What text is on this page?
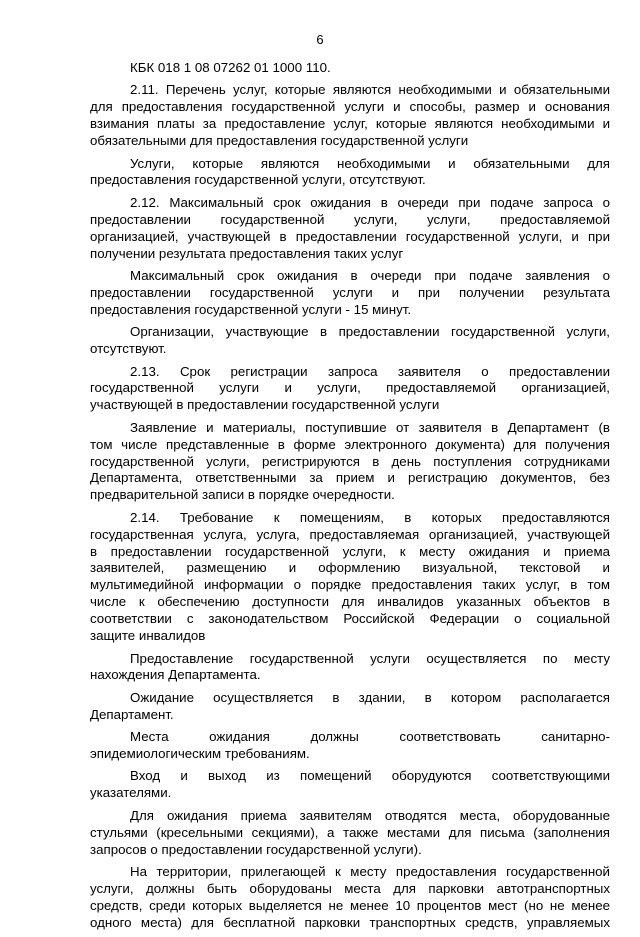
6
КБК 018 1 08 07262 01 1000 110.
2.11. Перечень услуг, которые являются необходимыми и обязательными
для предоставления государственной услуги и способы, размер и основания
взимания платы за предоставление услуг, которые являются необходимыми и
обязательными для предоставления государственной услуги
Услуги, которые являются необходимыми и обязательными для
предоставления государственной услуги, отсутствуют.
2.12. Максимальный срок ожидания в очереди при подаче запроса о
предоставлении государственной услуги, услуги, предоставляемой
организацией, участвующей в предоставлении государственной услуги, и при
получении результата предоставления таких услуг
Максимальный срок ожидания в очереди при подаче заявления о
предоставлении государственной услуги и при получении результата
предоставления государственной услуги - 15 минут.
Организации, участвующие в предоставлении государственной услуги,
отсутствуют.
2.13. Срок регистрации запроса заявителя о предоставлении
государственной услуги и услуги, предоставляемой организацией,
участвующей в предоставлении государственной услуги
Заявление и материалы, поступившие от заявителя в Департамент (в
том числе представленные в форме электронного документа) для получения
государственной услуги, регистрируются в день поступления сотрудниками
Департамента, ответственными за прием и регистрацию документов, без
предварительной записи в порядке очередности.
2.14. Требование к помещениям, в которых предоставляются
государственная услуга, услуга, предоставляемая организацией, участвующей
в предоставлении государственной услуги, к месту ожидания и приема
заявителей, размещению и оформлению визуальной, текстовой и
мультимедийной информации о порядке предоставления таких услуг, в том
числе к обеспечению доступности для инвалидов указанных объектов в
соответствии с законодательством Российской Федерации о социальной
защите инвалидов
Предоставление государственной услуги осуществляется по месту
нахождения Департамента.
Ожидание осуществляется в здании, в котором располагается
Департамент.
Места ожидания должны соответствовать санитарно-
эпидемиологическим требованиям.
Вход и выход из помещений оборудуются соответствующими
указателями.
Для ожидания приема заявителям отводятся места, оборудованные
стульями (кресельными секциями), а также местами для письма (заполнения
запросов о предоставлении государственной услуги).
На территории, прилегающей к месту предоставления государственной
услуги, должны быть оборудованы места для парковки автотранспортных
средств, среди которых выделяется не менее 10 процентов мест (но не менее
одного места) для бесплатной парковки транспортных средств, управляемых
